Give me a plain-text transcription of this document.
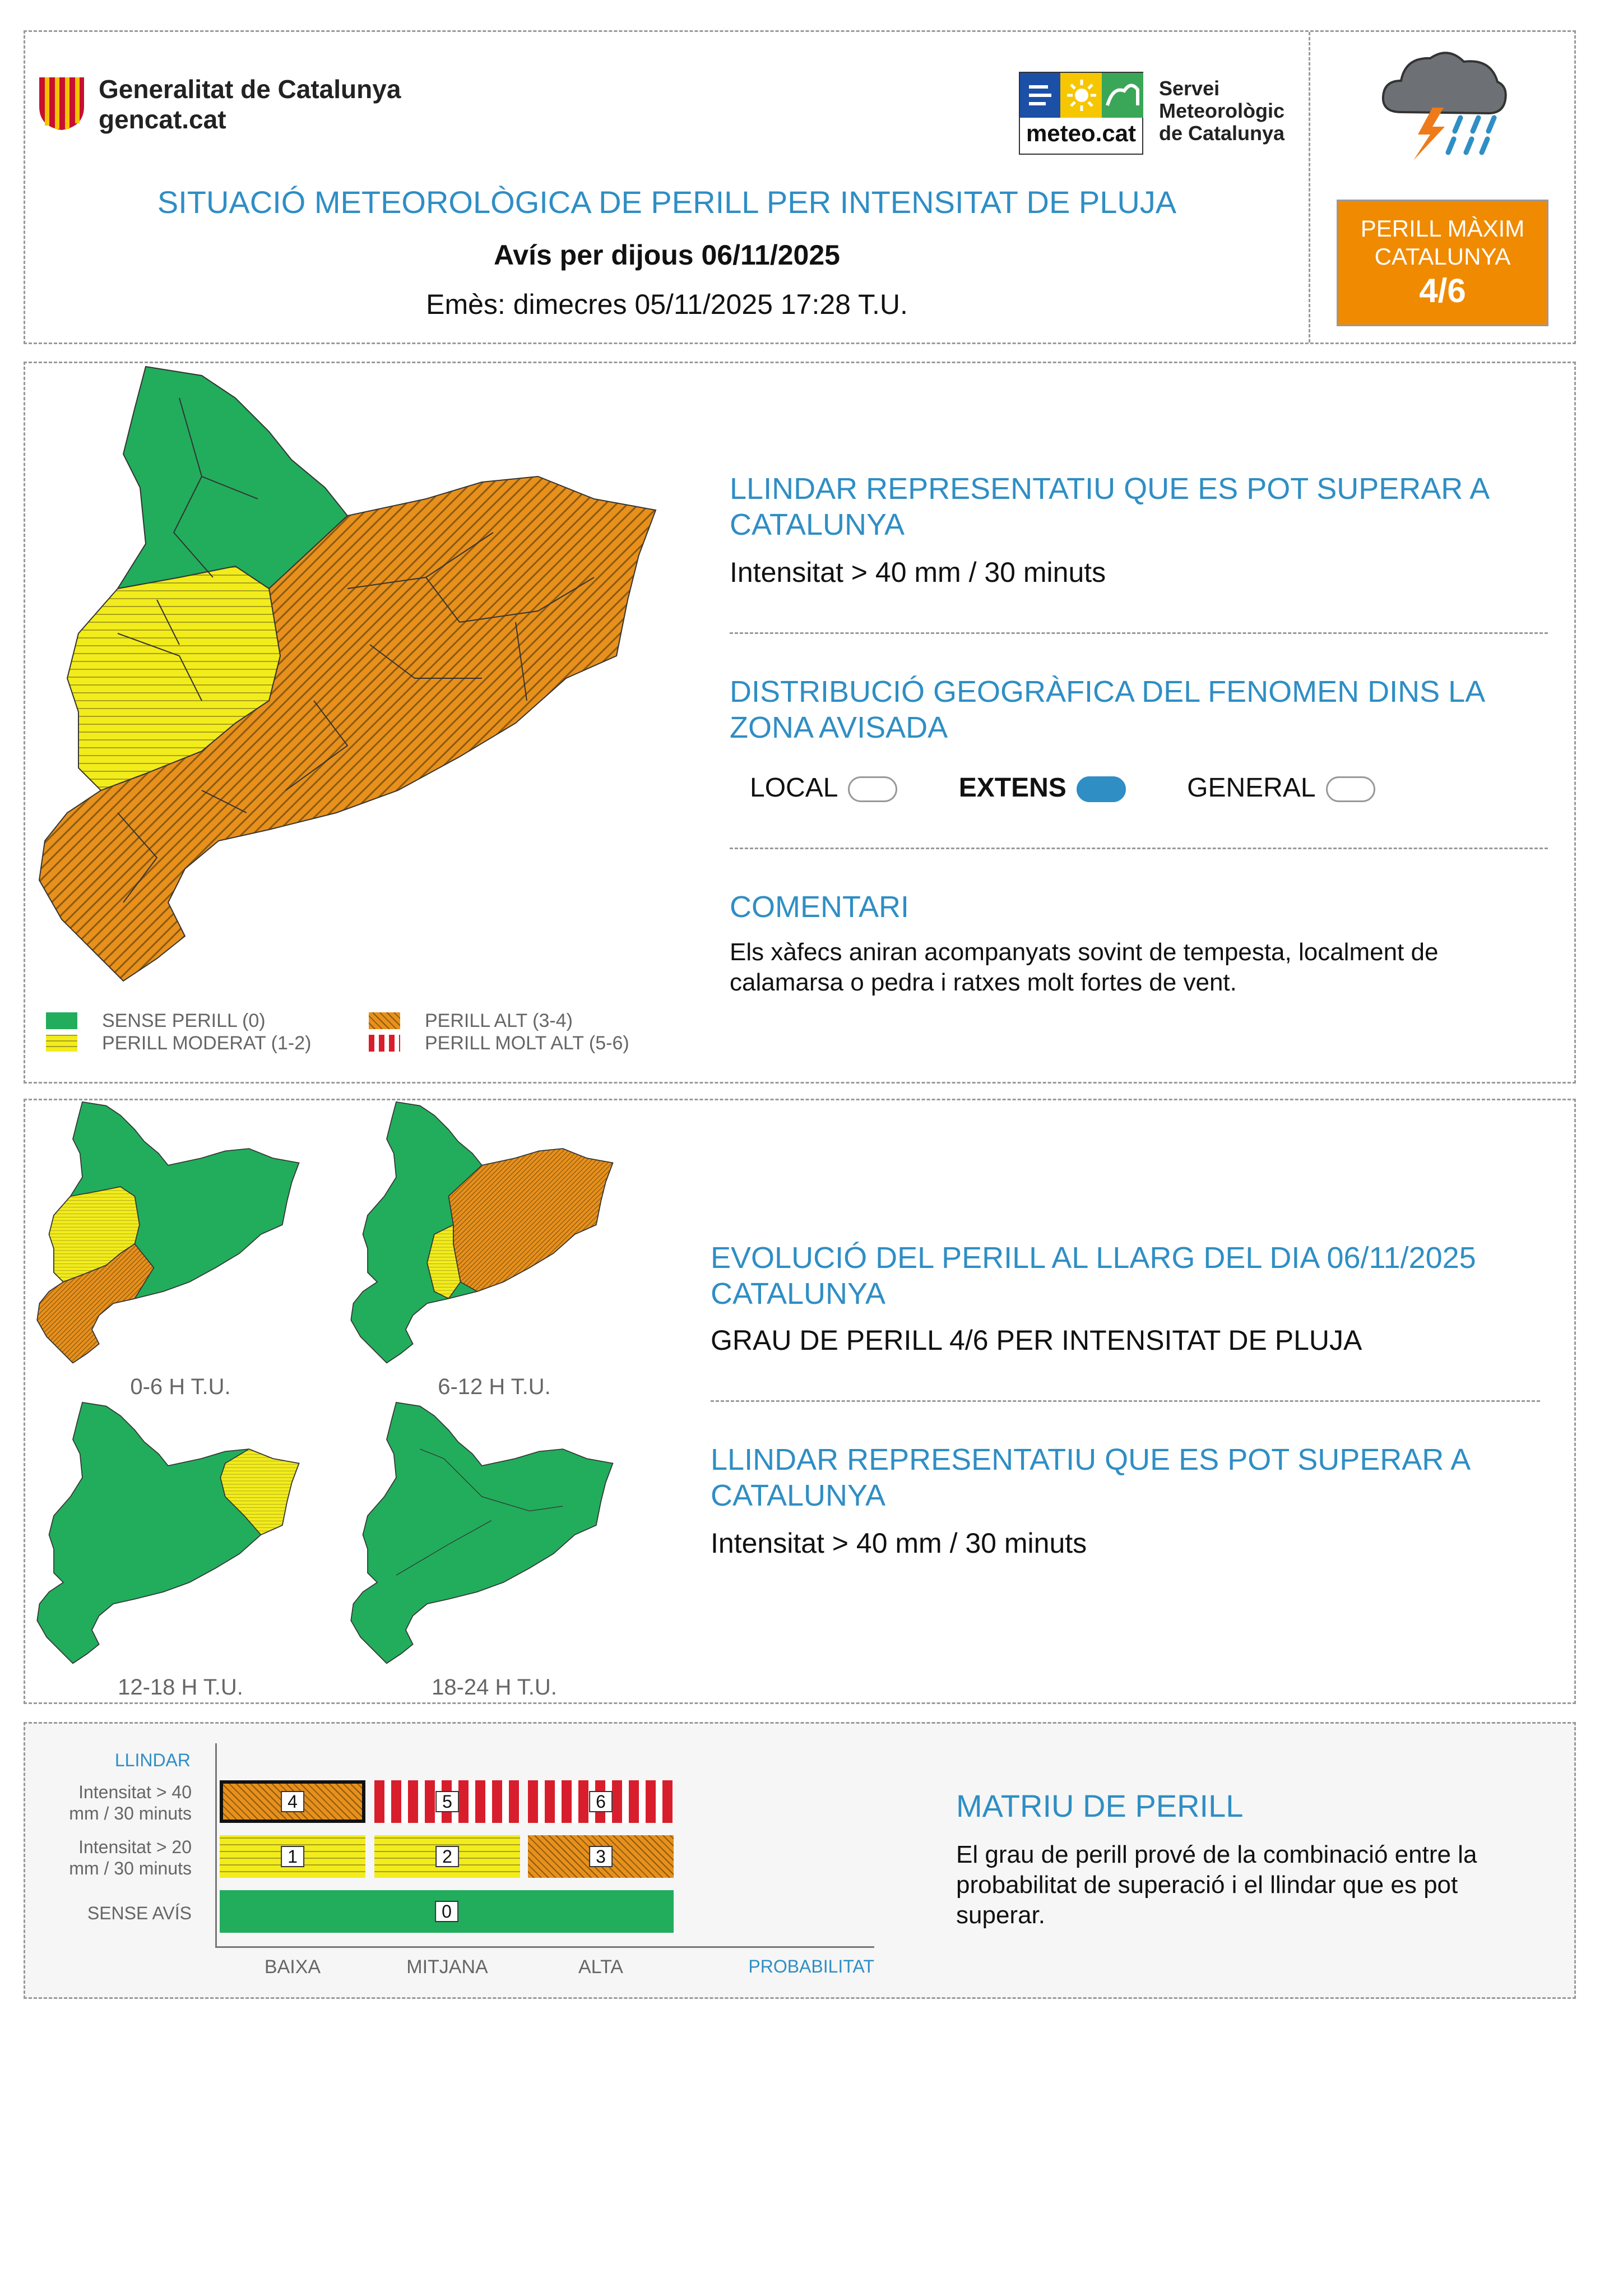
Generalitat de Catalunya
gencat.cat	meteo.cat
Servei
Meteorològic
de Catalunya
SITUACIÓ METEOROLÒGICA DE PERILL PER INTENSITAT DE PLUJA
Avís per dijous 06/11/2025
Emès: dimecres 05/11/2025 17:28 T.U.
PERILL MÀXIM
CATALUNYA
4/6
SENSE PERILL (0)
PERILL MODERAT (1-2)
PERILL ALT (3-4)
PERILL MOLT ALT (5-6)
LLINDAR REPRESENTATIU QUE ES POT SUPERAR A CATALUNYA
Intensitat > 40 mm / 30 minuts
DISTRIBUCIÓ GEOGRÀFICA DEL FENOMEN DINS LA ZONA AVISADA
LOCAL	EXTENS	GENERAL
COMENTARI
Els xàfecs aniran acompanyats sovint de tempesta, localment de calamarsa o pedra i ratxes molt fortes de vent.
0-6 H T.U.	6-12 H T.U.
12-18 H T.U.	18-24 H T.U.
EVOLUCIÓ DEL PERILL AL LLARG DEL DIA 06/11/2025 CATALUNYA
GRAU DE PERILL 4/6 PER INTENSITAT DE PLUJA
LLINDAR REPRESENTATIU QUE ES POT SUPERAR A CATALUNYA
Intensitat > 40 mm / 30 minuts
LLINDAR
Intensitat > 40 mm / 30 minuts
Intensitat > 20 mm / 30 minuts
SENSE AVÍS
4	5	6
1	2	3
0
BAIXA	MITJANA	ALTA	PROBABILITAT
MATRIU DE PERILL
El grau de perill prové de la combinació entre la probabilitat de superació i el llindar que es pot superar.
